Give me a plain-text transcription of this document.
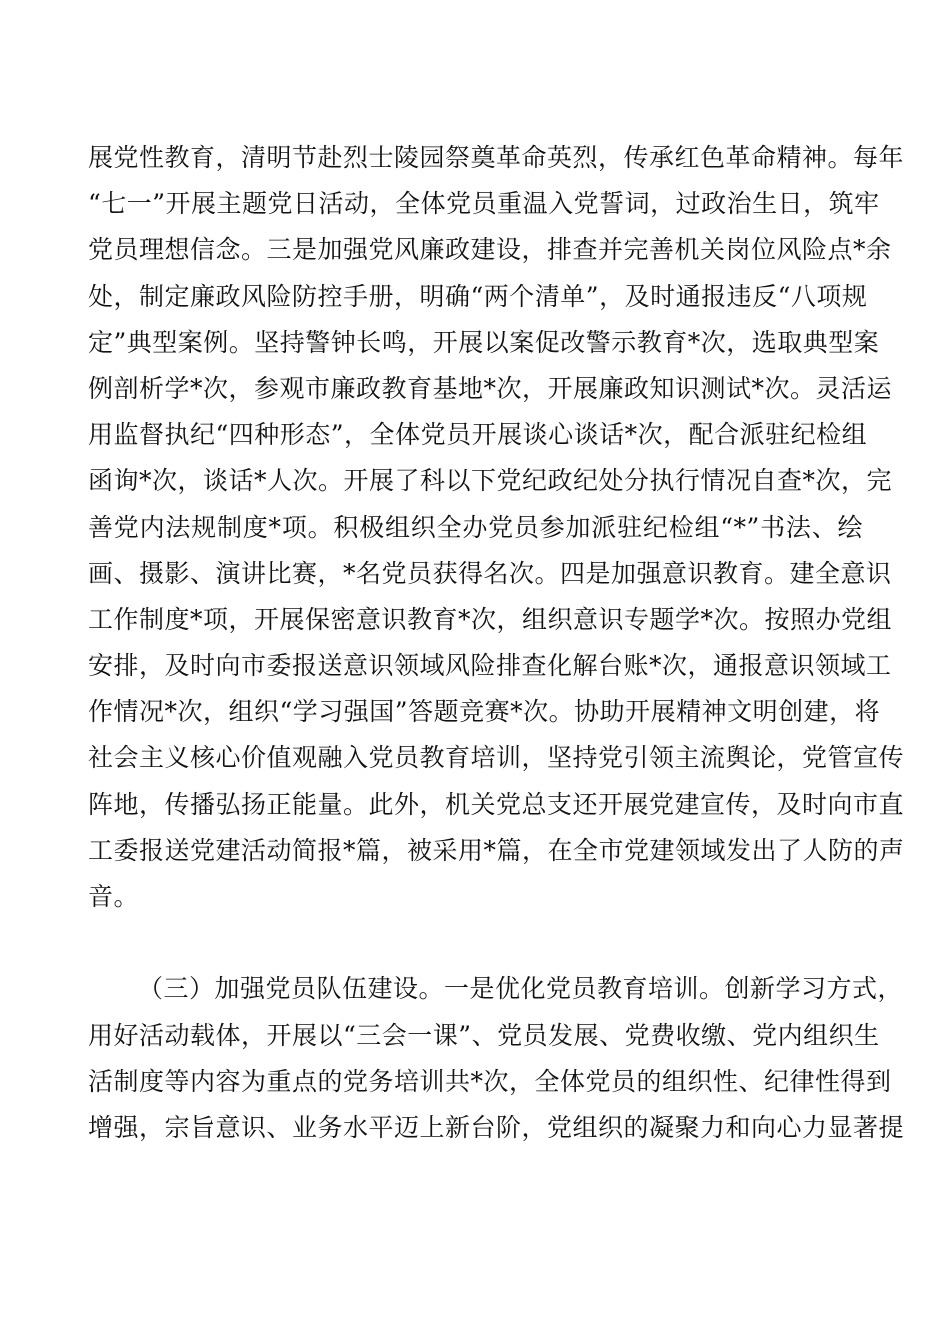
展党性教育，清明节赴烈士陵园祭奠革命英烈，传承红色革命精神。每年
“七一”开展主题党日活动，全体党员重温入党誓词，过政治生日，筑牢
党员理想信念。三是加强党风廉政建设，排查并完善机关岗位风险点*余
处，制定廉政风险防控手册，明确“两个清单”，及时通报违反“八项规
定”典型案例。坚持警钟长鸣，开展以案促改警示教育*次，选取典型案
例剖析学*次，参观市廉政教育基地*次，开展廉政知识测试*次。灵活运
用监督执纪“四种形态”，全体党员开展谈心谈话*次，配合派驻纪检组
函询*次，谈话*人次。开展了科以下党纪政纪处分执行情况自查*次，完
善党内法规制度*项。积极组织全办党员参加派驻纪检组“*”书法、绘
画、摄影、演讲比赛，*名党员获得名次。四是加强意识教育。建全意识
工作制度*项，开展保密意识教育*次，组织意识专题学*次。按照办党组
安排，及时向市委报送意识领域风险排查化解台账*次，通报意识领域工
作情况*次，组织“学习强国”答题竞赛*次。协助开展精神文明创建，将
社会主义核心价值观融入党员教育培训，坚持党引领主流舆论，党管宣传
阵地，传播弘扬正能量。此外，机关党总支还开展党建宣传，及时向市直
工委报送党建活动简报*篇，被采用*篇，在全市党建领域发出了人防的声
音。
（三）加强党员队伍建设。一是优化党员教育培训。创新学习方式，
用好活动载体，开展以“三会一课”、党员发展、党费收缴、党内组织生
活制度等内容为重点的党务培训共*次，全体党员的组织性、纪律性得到
增强，宗旨意识、业务水平迈上新台阶，党组织的凝聚力和向心力显著提
